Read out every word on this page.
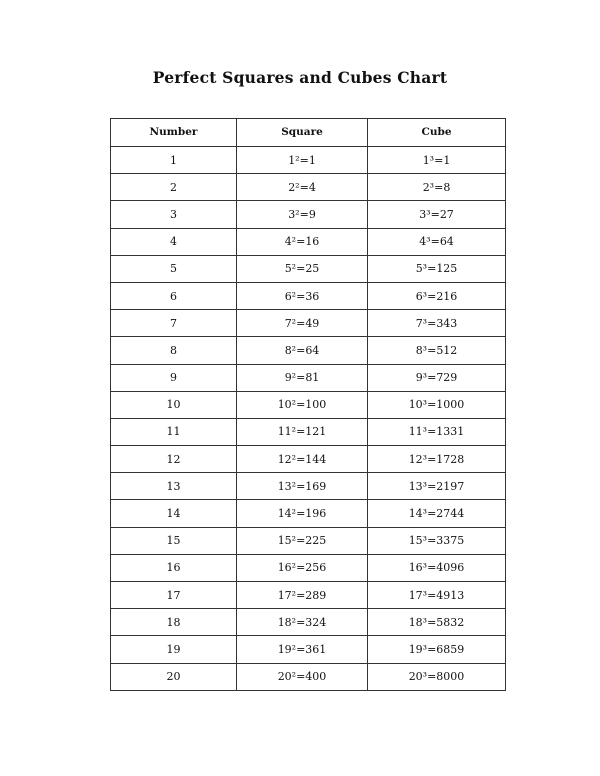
Perfect Squares and Cubes Chart
Number	Square	Cube
1	1²=1	1³=1
2	2²=4	2³=8
3	3²=9	3³=27
4	4²=16	4³=64
5	5²=25	5³=125
6	6²=36	6³=216
7	7²=49	7³=343
8	8²=64	8³=512
9	9²=81	9³=729
10	10²=100	10³=1000
11	11²=121	11³=1331
12	12²=144	12³=1728
13	13²=169	13³=2197
14	14²=196	14³=2744
15	15²=225	15³=3375
16	16²=256	16³=4096
17	17²=289	17³=4913
18	18²=324	18³=5832
19	19²=361	19³=6859
20	20²=400	20³=8000
